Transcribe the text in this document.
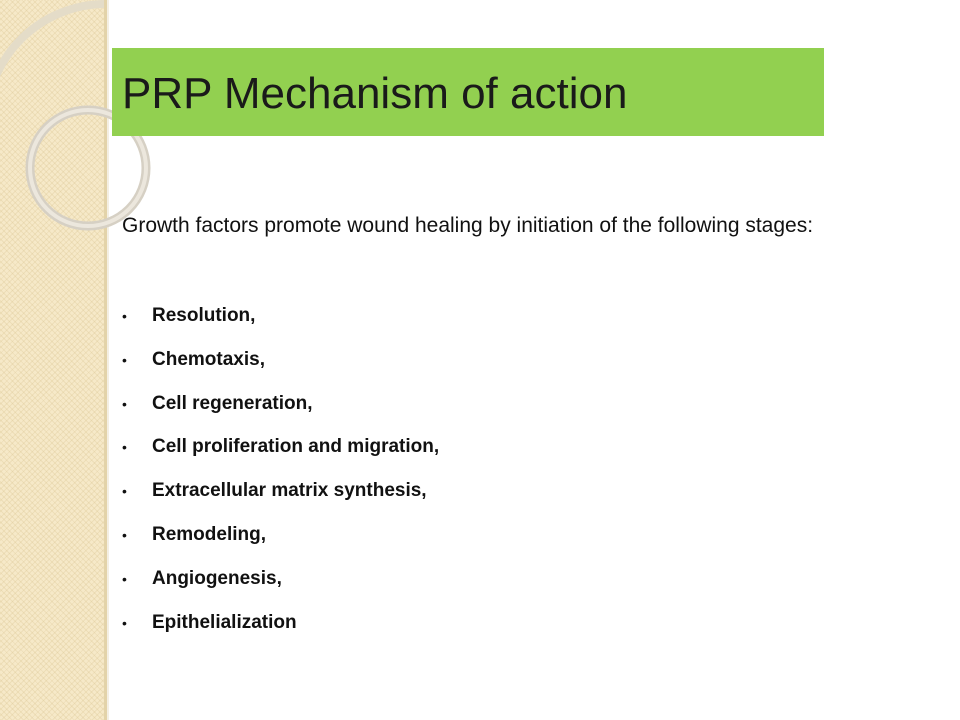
PRP Mechanism of action

Growth factors promote wound healing by initiation of the following stages:

•	Resolution,
•	Chemotaxis,
•	Cell regeneration,
•	Cell proliferation and migration,
•	Extracellular matrix synthesis,
•	Remodeling,
•	Angiogenesis,
•	Epithelialization
